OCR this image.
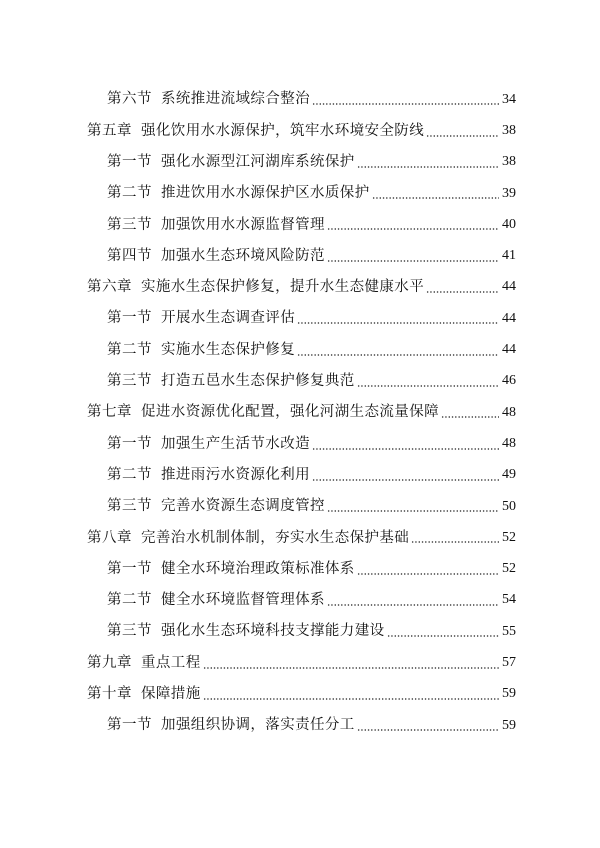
第六节 系统推进流域综合整治	34
第五章 强化饮用水水源保护，筑牢水环境安全防线	38
第一节 强化水源型江河湖库系统保护	38
第二节 推进饮用水水源保护区水质保护	39
第三节 加强饮用水水源监督管理	40
第四节 加强水生态环境风险防范	41
第六章 实施水生态保护修复，提升水生态健康水平	44
第一节 开展水生态调查评估	44
第二节 实施水生态保护修复	44
第三节 打造五邑水生态保护修复典范	46
第七章 促进水资源优化配置，强化河湖生态流量保障	48
第一节 加强生产生活节水改造	48
第二节 推进雨污水资源化利用	49
第三节 完善水资源生态调度管控	50
第八章 完善治水机制体制，夯实水生态保护基础	52
第一节 健全水环境治理政策标准体系	52
第二节 健全水环境监督管理体系	54
第三节 强化水生态环境科技支撑能力建设	55
第九章 重点工程	57
第十章 保障措施	59
第一节 加强组织协调，落实责任分工	59
